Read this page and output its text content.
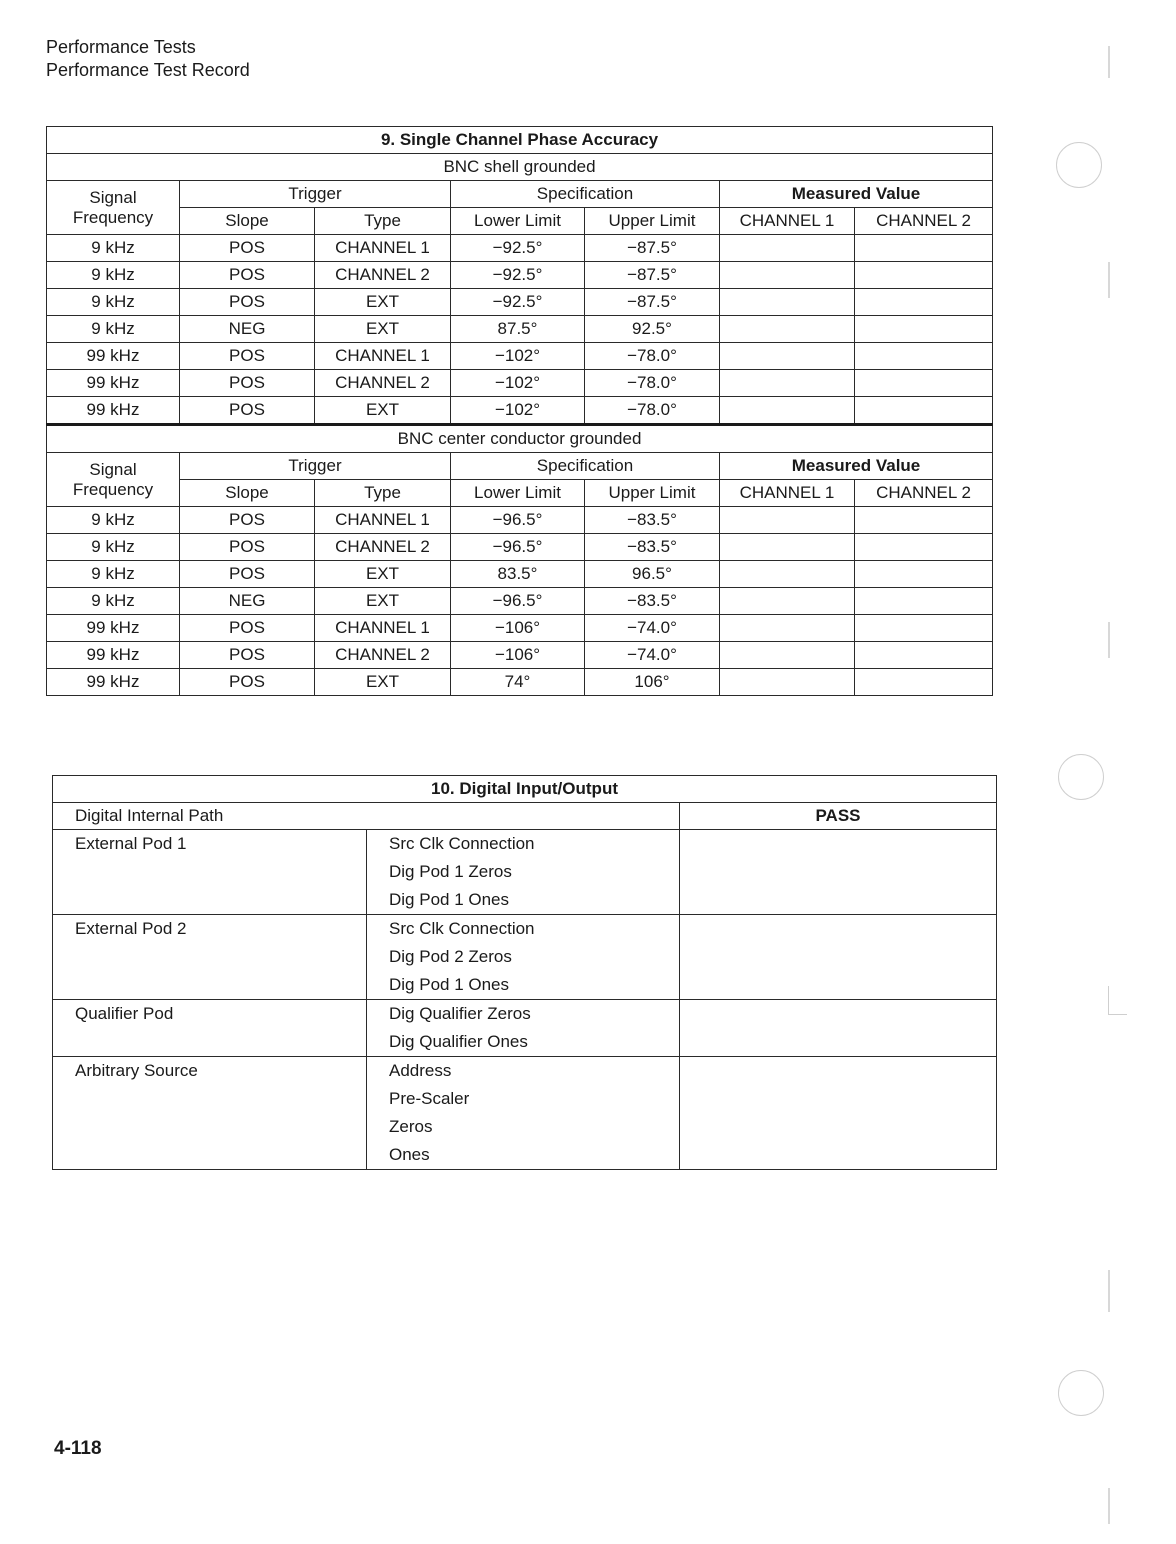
Performance Tests
Performance Test Record
9. Single Channel Phase Accuracy						
BNC shell grounded						
Signal Frequency	Trigger		Specification		Measured Value	
	Slope	Type	Lower Limit	Upper Limit	CHANNEL 1	CHANNEL 2
9 kHz	POS	CHANNEL 1	−92.5°	−87.5°		
9 kHz	POS	CHANNEL 2	−92.5°	−87.5°		
9 kHz	POS	EXT	−92.5°	−87.5°		
9 kHz	NEG	EXT	87.5°	92.5°		
99 kHz	POS	CHANNEL 1	−102°	−78.0°		
99 kHz	POS	CHANNEL 2	−102°	−78.0°		
99 kHz	POS	EXT	−102°	−78.0°		
BNC center conductor grounded						
Signal Frequency	Trigger		Specification		Measured Value	
	Slope	Type	Lower Limit	Upper Limit	CHANNEL 1	CHANNEL 2
9 kHz	POS	CHANNEL 1	−96.5°	−83.5°		
9 kHz	POS	CHANNEL 2	−96.5°	−83.5°		
9 kHz	POS	EXT	83.5°	96.5°		
9 kHz	NEG	EXT	−96.5°	−83.5°		
99 kHz	POS	CHANNEL 1	−106°	−74.0°		
99 kHz	POS	CHANNEL 2	−106°	−74.0°		
99 kHz	POS	EXT	74°	106°		
10. Digital Input/Output		
Digital Internal Path		PASS
External Pod 1	Src Clk Connection
Dig Pod 1 Zeros
Dig Pod 1 Ones	

External Pod 2	Src Clk Connection
Dig Pod 2 Zeros
Dig Pod 1 Ones	

Qualifier Pod	Dig Qualifier Zeros
Dig Qualifier Ones	

Arbitrary Source	Address
Pre-Scaler
Zeros
Ones	

4-118
